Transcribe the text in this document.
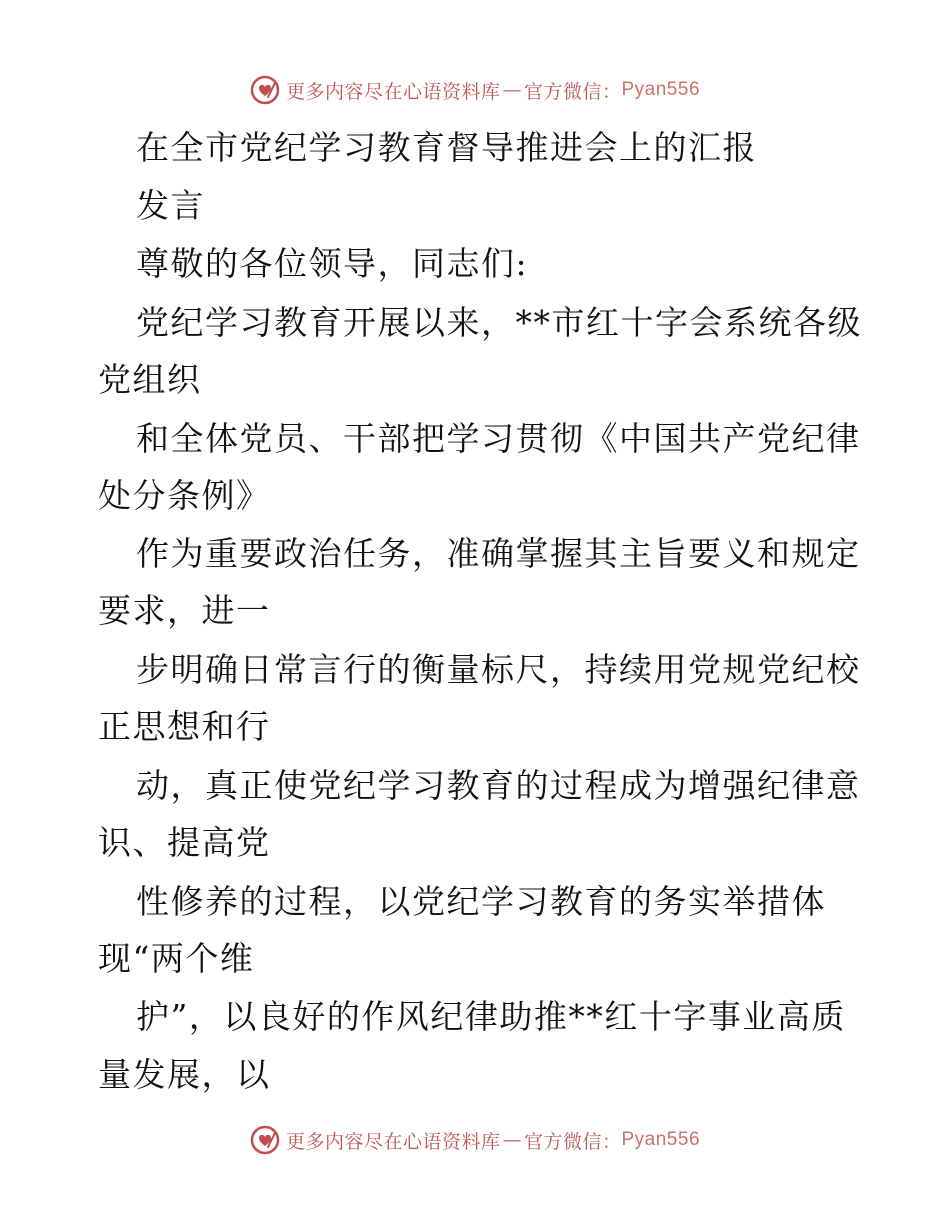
更多内容尽在心语资料库 — 官方微信： Pyan556
在全市党纪学习教育督导推进会上的汇报
发言
尊敬的各位领导，同志们:
党纪学习教育开展以来，**市红十字会系统各级
党组织
和全体党员、干部把学习贯彻《中国共产党纪律
处分条例》
作为重要政治任务，准确掌握其主旨要义和规定
要求，进一
步明确日常言行的衡量标尺，持续用党规党纪校
正思想和行
动，真正使党纪学习教育的过程成为增强纪律意
识、提高党
性修养的过程，以党纪学习教育的务实举措体
现“两个维
护”，以良好的作风纪律助推**红十字事业高质
量发展，以
更多内容尽在心语资料库 — 官方微信： Pyan556
